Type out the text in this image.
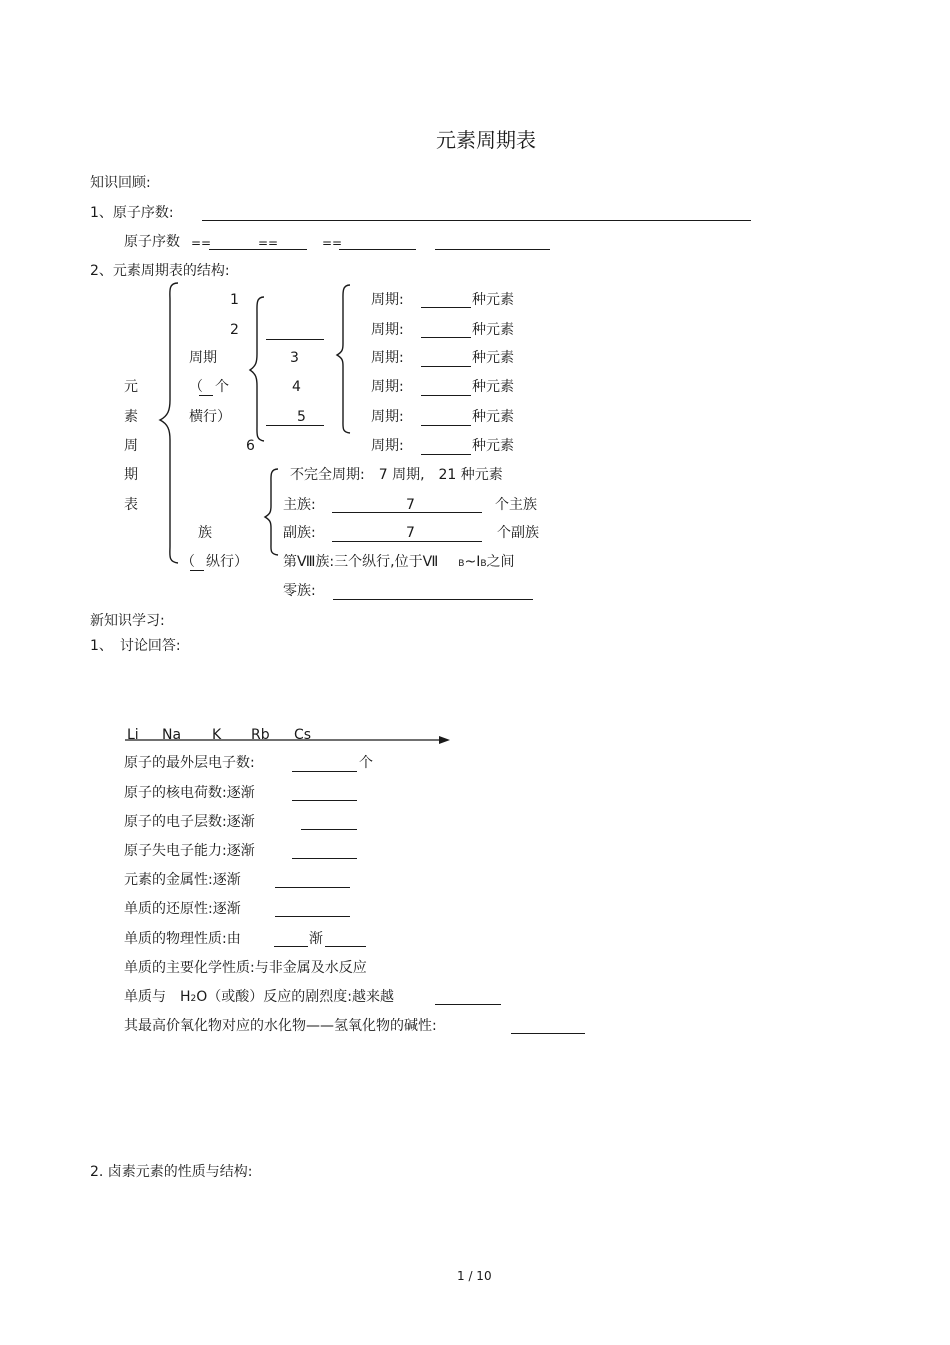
元素周期表
知识回顾:
1、原子序数:
原子序数 ==	==	==
2、元素周期表的结构:
元
素
周
期
表
周期
（ 个
横行）
1
2
3
4
5
6
周期:	种元素
周期:	种元素
周期:	种元素
周期:	种元素
周期:	种元素
周期:	种元素
不完全周期:　7 周期,　21 种元素
族
（ 纵行）
主族:	7	个主族
副族:	7	个副族
第Ⅷ族:三个纵行,位于Ⅶ B~ⅠB之间
零族:
新知识学习:
1、　讨论回答:
Li Na K Rb Cs
原子的最外层电子数:	个
原子的核电荷数:逐渐
原子的电子层数:逐渐
原子失电子能力:逐渐
元素的金属性:逐渐
单质的还原性:逐渐
单质的物理性质:由	渐
单质的主要化学性质:与非金属及水反应
单质与 H2O（或酸）反应的剧烈度:越来越
其最高价氧化物对应的水化物——氢氧化物的碱性:
2. 卤素元素的性质与结构:
1 / 10
